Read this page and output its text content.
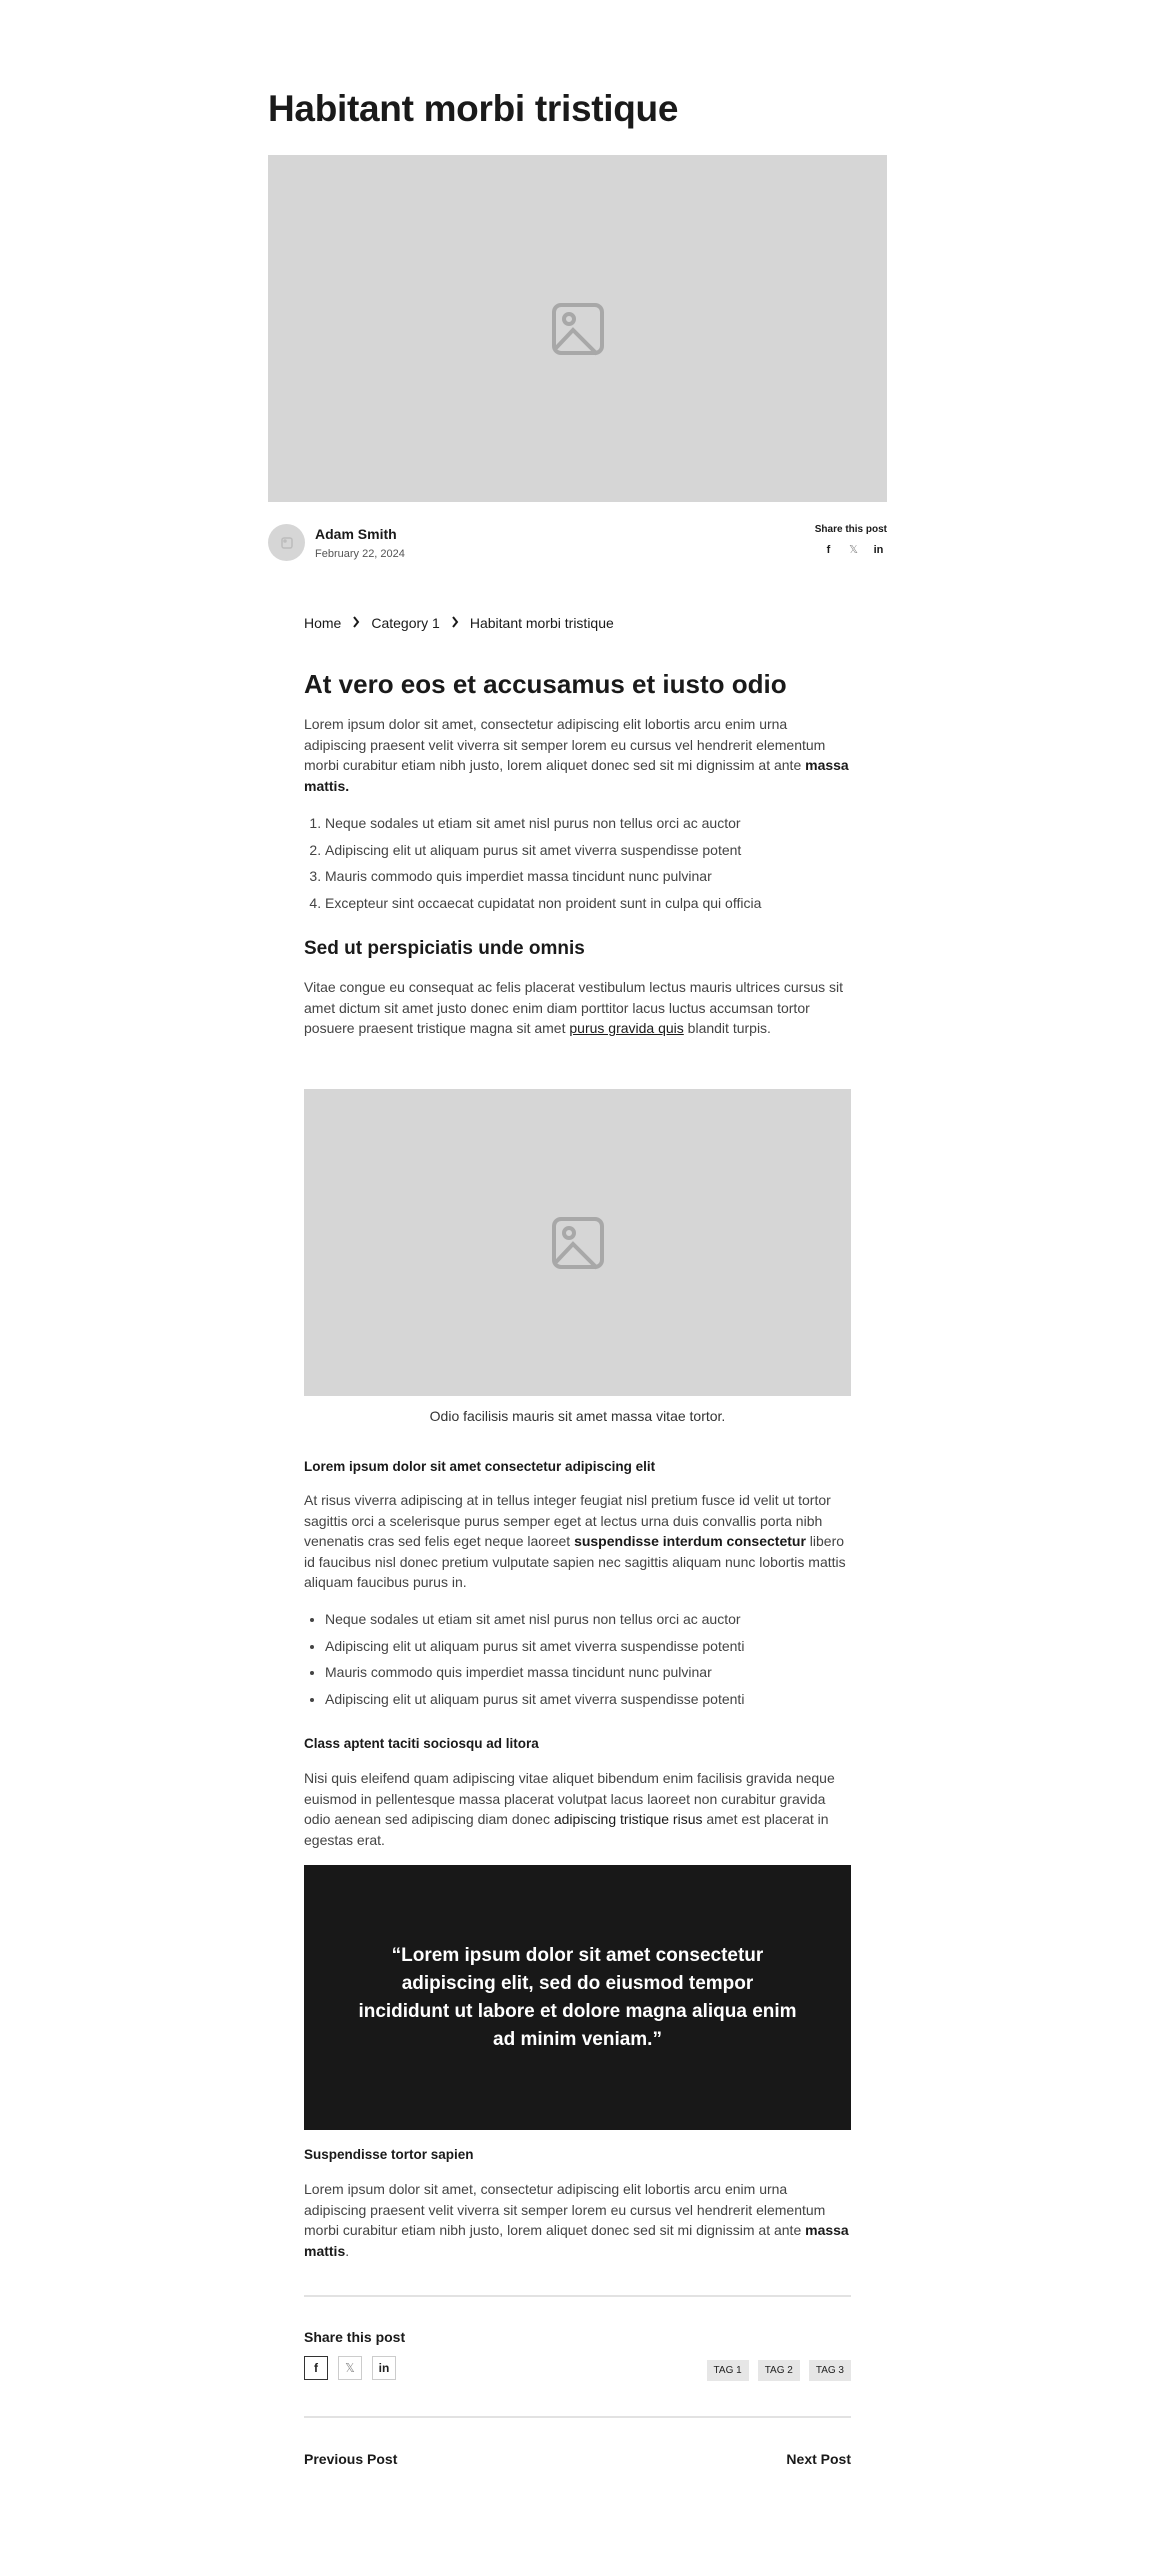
Habitant morbi tristique
Adam Smith
February 22, 2024
Share this post
f	𝕏	in
Home Category 1 Habitant morbi tristique
At vero eos et accusamus et iusto odio

Lorem ipsum dolor sit amet, consectetur adipiscing elit lobortis arcu enim urna adipiscing praesent velit viverra sit semper lorem eu cursus vel hendrerit elementum morbi curabitur etiam nibh justo, lorem aliquet donec sed sit mi dignissim at ante massa mattis.

1. Neque sodales ut etiam sit amet nisl purus non tellus orci ac auctor
2. Adipiscing elit ut aliquam purus sit amet viverra suspendisse potent
3. Mauris commodo quis imperdiet massa tincidunt nunc pulvinar
4. Excepteur sint occaecat cupidatat non proident sunt in culpa qui officia
Sed ut perspiciatis unde omnis

Vitae congue eu consequat ac felis placerat vestibulum lectus mauris ultrices cursus sit amet dictum sit amet justo donec enim diam porttitor lacus luctus accumsan tortor posuere praesent tristique magna sit amet purus gravida quis blandit turpis.

Odio facilisis mauris sit amet massa vitae tortor.
Lorem ipsum dolor sit amet consectetur adipiscing elit

At risus viverra adipiscing at in tellus integer feugiat nisl pretium fusce id velit ut tortor sagittis orci a scelerisque purus semper eget at lectus urna duis convallis porta nibh venenatis cras sed felis eget neque laoreet suspendisse interdum consectetur libero id faucibus nisl donec pretium vulputate sapien nec sagittis aliquam nunc lobortis mattis aliquam faucibus purus in.

• Neque sodales ut etiam sit amet nisl purus non tellus orci ac auctor
• Adipiscing elit ut aliquam purus sit amet viverra suspendisse potenti
• Mauris commodo quis imperdiet massa tincidunt nunc pulvinar
• Adipiscing elit ut aliquam purus sit amet viverra suspendisse potenti
Class aptent taciti sociosqu ad litora

Nisi quis eleifend quam adipiscing vitae aliquet bibendum enim facilisis gravida neque euismod in pellentesque massa placerat volutpat lacus laoreet non curabitur gravida odio aenean sed adipiscing diam donec adipiscing tristique risus amet est placerat in egestas erat.

“Lorem ipsum dolor sit amet consectetur adipiscing elit, sed do eiusmod tempor incididunt ut labore et dolore magna aliqua enim ad minim veniam.”

Suspendisse tortor sapien

Lorem ipsum dolor sit amet, consectetur adipiscing elit lobortis arcu enim urna adipiscing praesent velit viverra sit semper lorem eu cursus vel hendrerit elementum morbi curabitur etiam nibh justo, lorem aliquet donec sed sit mi dignissim at ante massa mattis.

Share this post
f	𝕏	in	TAG 1	TAG 2	TAG 3
Previous Post	Next Post
